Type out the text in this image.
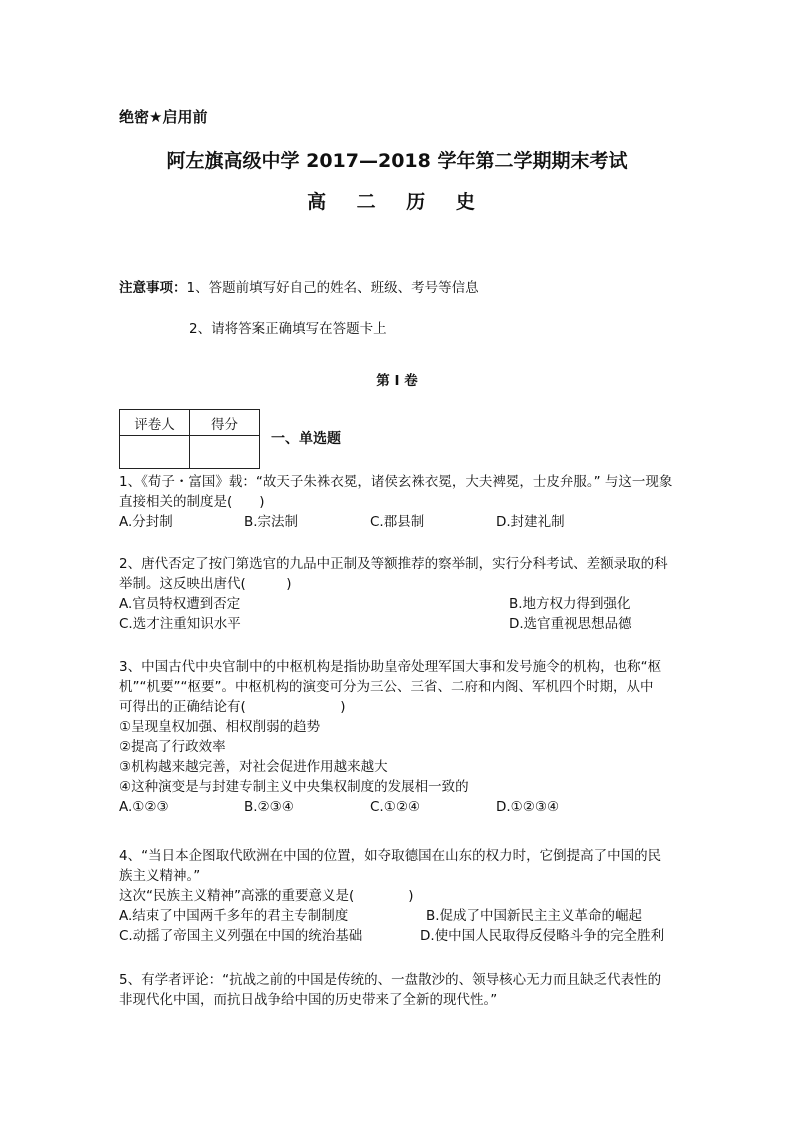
绝密★启用前
阿左旗高级中学 2017—2018 学年第二学期期末考试
高 二 历 史
注意事项：1、答题前填写好自己的姓名、班级、考号等信息
2、请将答案正确填写在答题卡上
第 I 卷
评卷人	得分

一、单选题
1、《荀子・富国》载：“故天子朱袾衣冕，诸侯玄袾衣冕，大夫裨冕，士皮弁服。” 与这一现象
直接相关的制度是(　　)
A.分封制	B.宗法制	C.郡县制	D.封建礼制
2、唐代否定了按门第选官的九品中正制及等额推荐的察举制，实行分科考试、差额录取的科
举制。这反映出唐代(　　　)
A.官员特权遭到否定	B.地方权力得到强化
C.选才注重知识水平	D.选官重视思想品德
3、中国古代中央官制中的中枢机构是指协助皇帝处理军国大事和发号施令的机构，也称“枢
机”“机要”“枢要”。中枢机构的演变可分为三公、三省、二府和内阁、军机四个时期，从中
可得出的正确结论有(　　　　　　　)
①呈现皇权加强、相权削弱的趋势
②提高了行政效率
③机构越来越完善，对社会促进作用越来越大
④这种演变是与封建专制主义中央集权制度的发展相一致的
A.①②③	B.②③④	C.①②④	D.①②③④
4、“当日本企图取代欧洲在中国的位置，如夺取德国在山东的权力时，它倒提高了中国的民
族主义精神。”
这次“民族主义精神”高涨的重要意义是(　　　　)
A.结束了中国两千多年的君主专制制度	B.促成了中国新民主主义革命的崛起
C.动摇了帝国主义列强在中国的统治基础	D.使中国人民取得反侵略斗争的完全胜利
5、有学者评论：“抗战之前的中国是传统的、一盘散沙的、领导核心无力而且缺乏代表性的
非现代化中国，而抗日战争给中国的历史带来了全新的现代性。”
